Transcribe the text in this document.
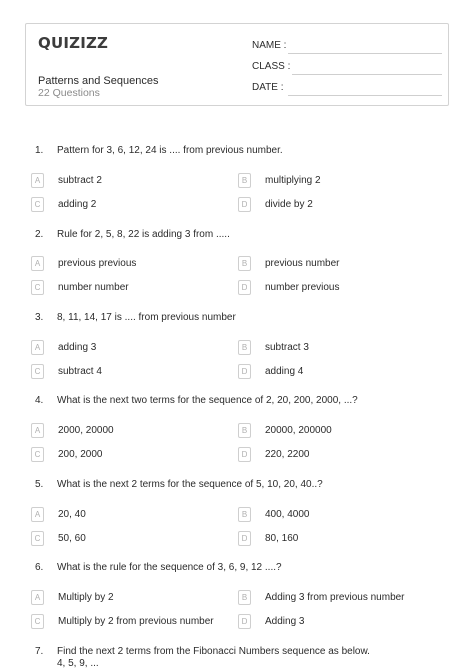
QUIZIZZ
Patterns and Sequences
22 Questions
NAME :
CLASS :
DATE :
1. Pattern for 3, 6, 12, 24 is .... from previous number.
A	subtract 2	B	multiplying 2
C	adding 2	D	divide by 2
2. Rule for 2, 5, 8, 22 is adding 3 from .....
A	previous previous	B	previous number
C	number number	D	number previous
3. 8, 11, 14, 17 is .... from previous number
A	adding 3	B	subtract 3
C	subtract 4	D	adding 4
4. What is the next two terms for the sequence of 2, 20, 200, 2000, ...?
A	2000, 20000	B	20000, 200000
C	200, 2000	D	220, 2200
5. What is the next 2 terms for the sequence of 5, 10, 20, 40..?
A	20, 40	B	400, 4000
C	50, 60	D	80, 160
6. What is the rule for the sequence of 3, 6, 9, 12 ....?
A	Multiply by 2	B	Adding 3 from previous number
C	Multiply by 2 from previous number	D	Adding 3
7. Find the next 2 terms from the Fibonacci Numbers sequence as below.
4, 5, 9, ...
